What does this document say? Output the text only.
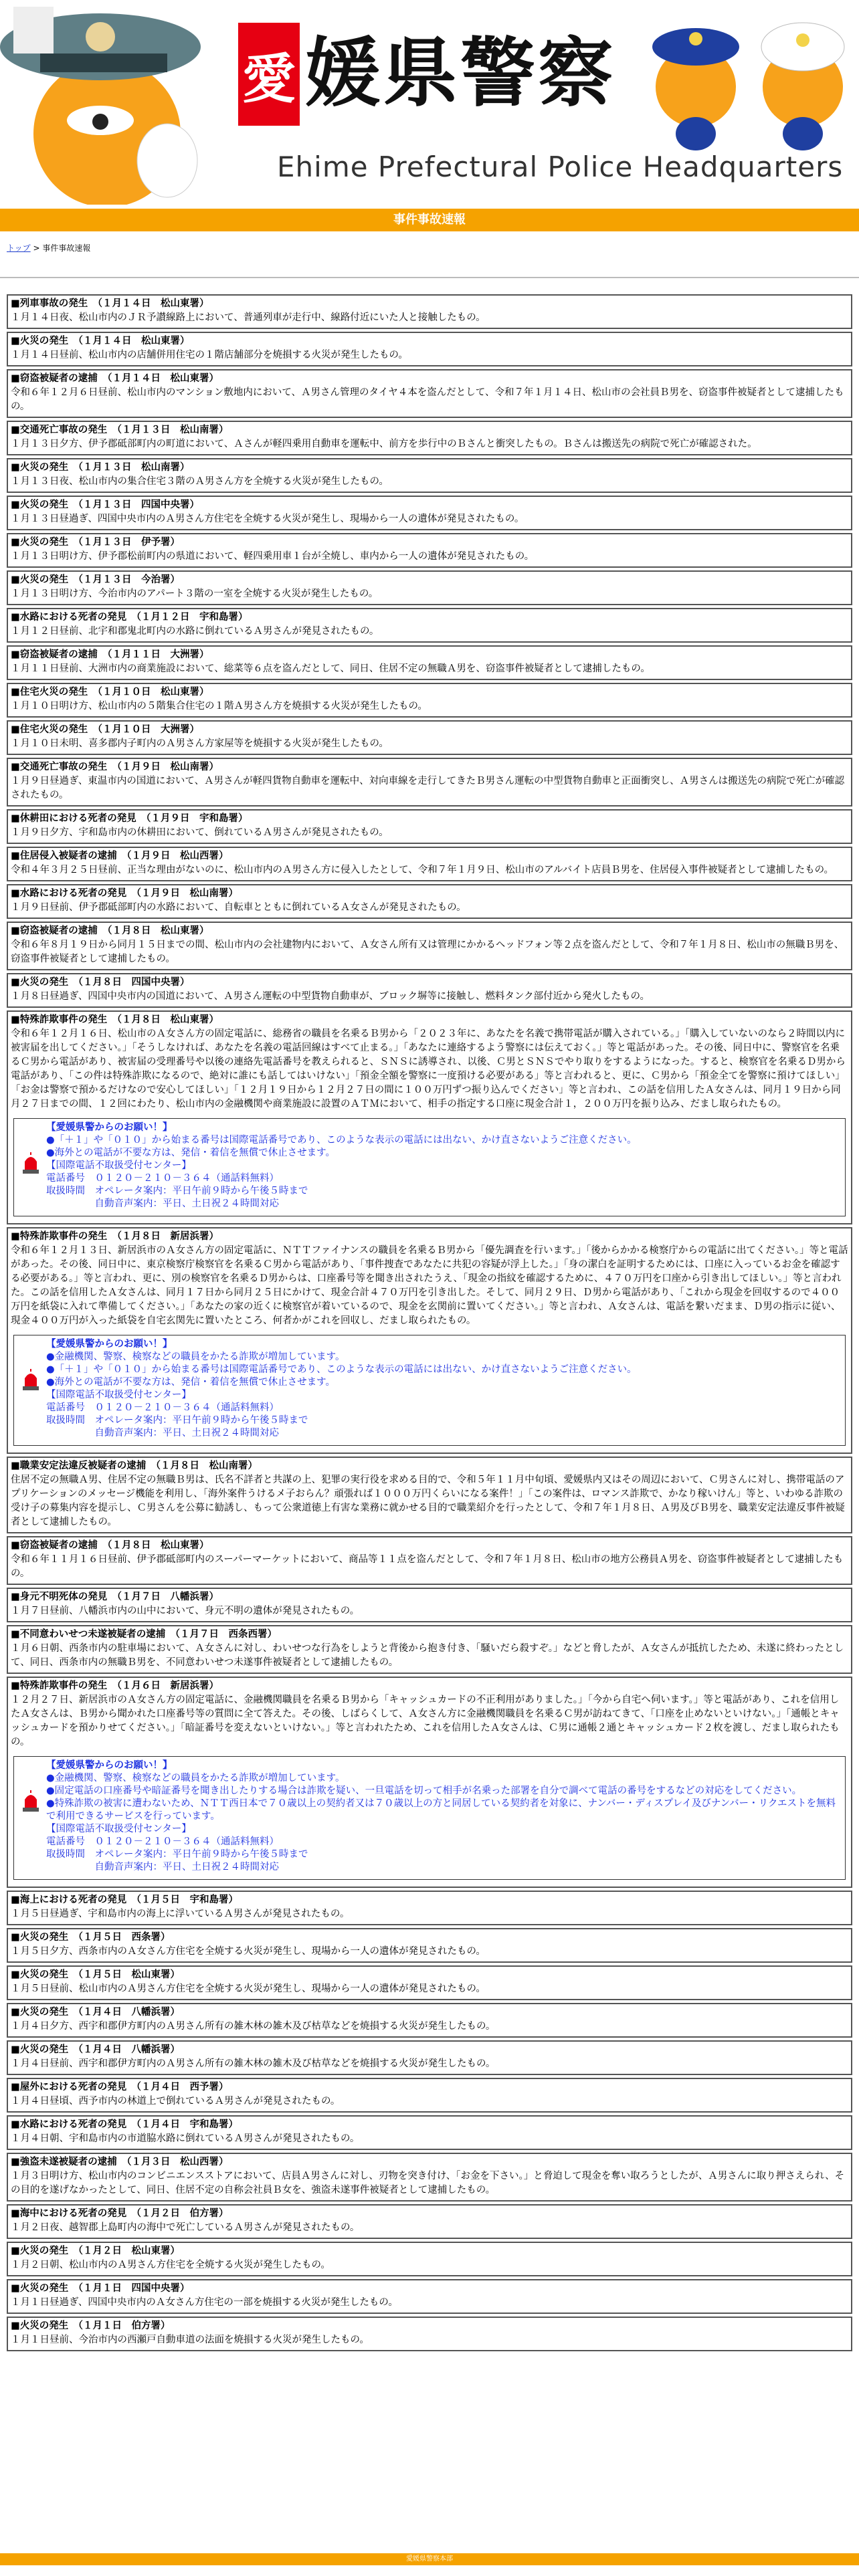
愛 媛県警察
Ehime Prefectural Police Headquarters
事件事故速報
トップ > 事件事故速報
■列車事故の発生　（１月１４日　松山東署）
１月１４日夜、松山市内のＪＲ予讃線路上において、普通列車が走行中、線路付近にいた人と接触したもの。
■火災の発生　（１月１４日　松山東署）
１月１４日昼前、松山市内の店舗併用住宅の１階店舗部分を焼損する火災が発生したもの。
■窃盗被疑者の逮捕　（１月１４日　松山東署）
令和６年１２月６日昼前、松山市内のマンション敷地内において、Ａ男さん管理のタイヤ４本を盗んだとして、令和７年１月１４日、松山市の会社員Ｂ男を、窃盗事件被疑者として逮捕したもの。
■交通死亡事故の発生　（１月１３日　松山南署）
１月１３日夕方、伊予郡砥部町内の町道において、Ａさんが軽四乗用自動車を運転中、前方を歩行中のＢさんと衝突したもの。Ｂさんは搬送先の病院で死亡が確認された。
■火災の発生　（１月１３日　松山南署）
１月１３日夜、松山市内の集合住宅３階のＡ男さん方を全焼する火災が発生したもの。
■火災の発生　（１月１３日　四国中央署）
１月１３日昼過ぎ、四国中央市内のＡ男さん方住宅を全焼する火災が発生し、現場から一人の遺体が発見されたもの。
■火災の発生　（１月１３日　伊予署）
１月１３日明け方、伊予郡松前町内の県道において、軽四乗用車１台が全焼し、車内から一人の遺体が発見されたもの。
■火災の発生　（１月１３日　今治署）
１月１３日明け方、今治市内のアパート３階の一室を全焼する火災が発生したもの。
■水路における死者の発見　（１月１２日　宇和島署）
１月１２日昼前、北宇和郡鬼北町内の水路に倒れているＡ男さんが発見されたもの。
■窃盗被疑者の逮捕　（１月１１日　大洲署）
１月１１日昼前、大洲市内の商業施設において、総菜等６点を盗んだとして、同日、住居不定の無職Ａ男を、窃盗事件被疑者として逮捕したもの。
■住宅火災の発生　（１月１０日　松山東署）
１月１０日明け方、松山市内の５階集合住宅の１階Ａ男さん方を焼損する火災が発生したもの。
■住宅火災の発生　（１月１０日　大洲署）
１月１０日未明、喜多郡内子町内のＡ男さん方家屋等を焼損する火災が発生したもの。
■交通死亡事故の発生　（１月９日　松山南署）
１月９日昼過ぎ、東温市内の国道において、Ａ男さんが軽四貨物自動車を運転中、対向車線を走行してきたＢ男さん運転の中型貨物自動車と正面衝突し、Ａ男さんは搬送先の病院で死亡が確認されたもの。
■休耕田における死者の発見　（１月９日　宇和島署）
１月９日夕方、宇和島市内の休耕田において、倒れているＡ男さんが発見されたもの。
■住居侵入被疑者の逮捕　（１月９日　松山西署）
令和４年３月２５日昼前、正当な理由がないのに、松山市内のＡ男さん方に侵入したとして、令和７年１月９日、松山市のアルバイト店員Ｂ男を、住居侵入事件被疑者として逮捕したもの。
■水路における死者の発見　（１月９日　松山南署）
１月９日昼前、伊予郡砥部町内の水路において、自転車とともに倒れているＡ女さんが発見されたもの。
■窃盗被疑者の逮捕　（１月８日　松山東署）
令和６年８月１９日から同月１５日までの間、松山市内の会社建物内において、Ａ女さん所有又は管理にかかるヘッドフォン等２点を盗んだとして、令和７年１月８日、松山市の無職Ｂ男を、窃盗事件被疑者として逮捕したもの。
■火災の発生　（１月８日　四国中央署）
１月８日昼過ぎ、四国中央市内の国道において、Ａ男さん運転の中型貨物自動車が、ブロック塀等に接触し、燃料タンク部付近から発火したもの。
■特殊詐欺事件の発生　（１月８日　松山東署）
令和６年１２月１６日、松山市のＡ女さん方の固定電話に、総務省の職員を名乗るＢ男から「２０２３年に、あなたを名義で携帯電話が購入されている。」「購入していないのなら２時間以内に被害届を出してください。」「そうしなければ、あなたを名義の電話回線はすべて止まる。」「あなたに連絡するよう警察には伝えておく。」等と電話があった。その後、同日中に、警察官を名乗るＣ男から電話があり、被害届の受理番号や以後の連絡先電話番号を教えられると、ＳＮＳに誘導され、以後、Ｃ男とＳＮＳでやり取りをするようになった。すると、検察官を名乗るＤ男から電話があり、「この件は特殊詐欺になるので、絶対に誰にも話してはいけない」「預金全額を警察に一度預ける必要がある」等と言われると、更に、Ｃ男から「預金全てを警察に預けてほしい」「お金は警察で預かるだけなので安心してほしい」「１２月１９日から１２月２７日の間に１００万円ずつ振り込んでください」等と言われ、この話を信用したＡ女さんは、同月１９日から同月２７日までの間、１２回にわたり、松山市内の金融機関や商業施設に設置のＡＴＭにおいて、相手の指定する口座に現金合計１，２００万円を振り込み、だまし取られたもの。
【愛媛県警からのお願い！】
●「＋１」や「０１０」から始まる番号は国際電話番号であり、このような表示の電話には出ない、かけ直さないようご注意ください。
●海外との電話が不要な方は、発信・着信を無償で休止させます。
【国際電話不取扱受付センター】
電話番号　０１２０－２１０－３６４（通話料無料）
取扱時間　オペレータ案内：平日午前９時から午後５時まで
　　　　　自動音声案内：平日、土日祝２４時間対応
■特殊詐欺事件の発生　（１月８日　新居浜署）
令和６年１２月１３日、新居浜市のＡ女さん方の固定電話に、ＮＴＴファイナンスの職員を名乗るＢ男から「優先調査を行います。」「後からかかる検察庁からの電話に出てください。」等と電話があった。その後、同日中に、東京検察庁検察官を名乗るＣ男から電話があり、「事件捜査であなたに共犯の容疑が浮上した。」「身の潔白を証明するためには、口座に入っているお金を確認する必要がある。」等と言われ、更に、別の検察官を名乗るＤ男からは、口座番号等を聞き出されたうえ、「現金の指紋を確認するために、４７０万円を口座から引き出してほしい。」等と言われた。この話を信用したＡ女さんは、同月１７日から同月２５日にかけて、現金合計４７０万円を引き出した。そして、同月２９日、Ｄ男から電話があり、「これから現金を回収するので４００万円を紙袋に入れて準備してください。」「あなたの家の近くに検察官が着いているので、現金を玄関前に置いてください。」等と言われ、Ａ女さんは、電話を繋いだまま、Ｄ男の指示に従い、現金４００万円が入った紙袋を自宅玄関先に置いたところ、何者かがこれを回収し、だまし取られたもの。
【愛媛県警からのお願い！】
●金融機関、警察、検察などの職員をかたる詐欺が増加しています。
●「＋１」や「０１０」から始まる番号は国際電話番号であり、このような表示の電話には出ない、かけ直さないようご注意ください。
●海外との電話が不要な方は、発信・着信を無償で休止させます。
【国際電話不取扱受付センター】
電話番号　０１２０－２１０－３６４（通話料無料）
取扱時間　オペレータ案内：平日午前９時から午後５時まで
　　　　　自動音声案内：平日、土日祝２４時間対応
■職業安定法違反被疑者の逮捕　（１月８日　松山南署）
住居不定の無職Ａ男、住居不定の無職Ｂ男は、氏名不詳者と共謀の上、犯罪の実行役を求める目的で、令和５年１１月中旬頃、愛媛県内又はその周辺において、Ｃ男さんに対し、携帯電話のアプリケーションのメッセージ機能を利用し、「海外案件うけるメ子おらん？頑張れば１０００万円くらいになる案件！」「この案件は、ロマンス詐欺で、かなり稼いけん」等と、いわゆる詐欺の受け子の募集内容を提示し、Ｃ男さんを公募に勧誘し、もって公衆道徳上有害な業務に就かせる目的で職業紹介を行ったとして、令和７年１月８日、Ａ男及びＢ男を、職業安定法違反事件被疑者として逮捕したもの。
■窃盗被疑者の逮捕　（１月８日　松山東署）
令和６年１１月１６日昼前、伊予郡砥部町内のスーパーマーケットにおいて、商品等１１点を盗んだとして、令和７年１月８日、松山市の地方公務員Ａ男を、窃盗事件被疑者として逮捕したもの。
■身元不明死体の発見　（１月７日　八幡浜署）
１月７日昼前、八幡浜市内の山中において、身元不明の遺体が発見されたもの。
■不同意わいせつ未遂被疑者の逮捕　（１月７日　西条西署）
１月６日朝、西条市内の駐車場において、Ａ女さんに対し、わいせつな行為をしようと背後から抱き付き、「騒いだら殺すぞ。」などと脅したが、Ａ女さんが抵抗したため、未遂に終わったとして、同日、西条市内の無職Ｂ男を、不同意わいせつ未遂事件被疑者として逮捕したもの。
■特殊詐欺事件の発生　（１月６日　新居浜署）
１２月２７日、新居浜市のＡ女さん方の固定電話に、金融機関職員を名乗るＢ男から「キャッシュカードの不正利用がありました。」「今から自宅へ伺います。」等と電話があり、これを信用したＡ女さんは、Ｂ男から聞かれた口座番号等の質問に全て答えた。その後、しばらくして、Ａ女さん方に金融機関職員を名乗るＣ男が訪ねてきて、「口座を止めないといけない。」「通帳とキャッシュカードを預かりせてください。」「暗証番号を変えないといけない。」等と言われたため、これを信用したＡ女さんは、Ｃ男に通帳２通とキャッシュカード２枚を渡し、だまし取られたもの。
【愛媛県警からのお願い！】
●金融機関、警察、検察などの職員をかたる詐欺が増加しています。
●固定電話の口座番号や暗証番号を聞き出したりする場合は詐欺を疑い、一旦電話を切って相手が名乗った部署を自分で調べて電話の番号をするなどの対応をしてください。
●特殊詐欺の被害に遭わないため、ＮＴＴ西日本で７０歳以上の契約者又は７０歳以上の方と同居している契約者を対象に、ナンバー・ディスプレイ及びナンバー・リクエストを無料で利用できるサービスを行っています。
【国際電話不取扱受付センター】
電話番号　０１２０－２１０－３６４（通話料無料）
取扱時間　オペレータ案内：平日午前９時から午後５時まで
　　　　　自動音声案内：平日、土日祝２４時間対応
■海上における死者の発見　（１月５日　宇和島署）
１月５日昼過ぎ、宇和島市内の海上に浮いているＡ男さんが発見されたもの。
■火災の発生　（１月５日　西条署）
１月５日夕方、西条市内のＡ女さん方住宅を全焼する火災が発生し、現場から一人の遺体が発見されたもの。
■火災の発生　（１月５日　松山東署）
１月５日昼前、松山市内のＡ男さん方住宅を全焼する火災が発生し、現場から一人の遺体が発見されたもの。
■火災の発生　（１月４日　八幡浜署）
１月４日夕方、西宇和郡伊方町内のＡ男さん所有の雑木林の雑木及び枯草などを焼損する火災が発生したもの。
■火災の発生　（１月４日　八幡浜署）
１月４日昼前、西宇和郡伊方町内のＡ男さん所有の雑木林の雑木及び枯草などを焼損する火災が発生したもの。
■屋外における死者の発見　（１月４日　西予署）
１月４日昼頃、西予市内の林道上で倒れているＡ男さんが発見されたもの。
■水路における死者の発見　（１月４日　宇和島署）
１月４日朝、宇和島市内の市道脇水路に倒れているＡ男さんが発見されたもの。
■強盗未遂被疑者の逮捕　（１月３日　松山西署）
１月３日明け方、松山市内のコンビニエンスストアにおいて、店員Ａ男さんに対し、刃物を突き付け、「お金を下さい。」と脅迫して現金を奪い取ろうとしたが、Ａ男さんに取り押さえられ、その目的を遂げなかったとして、同日、住居不定の自称会社員Ｂ女を、強盗未遂事件被疑者として逮捕したもの。
■海中における死者の発見　（１月２日　伯方署）
１月２日夜、越智郡上島町内の海中で死亡しているＡ男さんが発見されたもの。
■火災の発生　（１月２日　松山東署）
１月２日朝、松山市内のＡ男さん方住宅を全焼する火災が発生したもの。
■火災の発生　（１月１日　四国中央署）
１月１日昼過ぎ、四国中央市内のＡ女さん方住宅の一部を焼損する火災が発生したもの。
■火災の発生　（１月１日　伯方署）
１月１日昼前、今治市内の西瀬戸自動車道の法面を焼損する火災が発生したもの。
愛媛県警察本部
